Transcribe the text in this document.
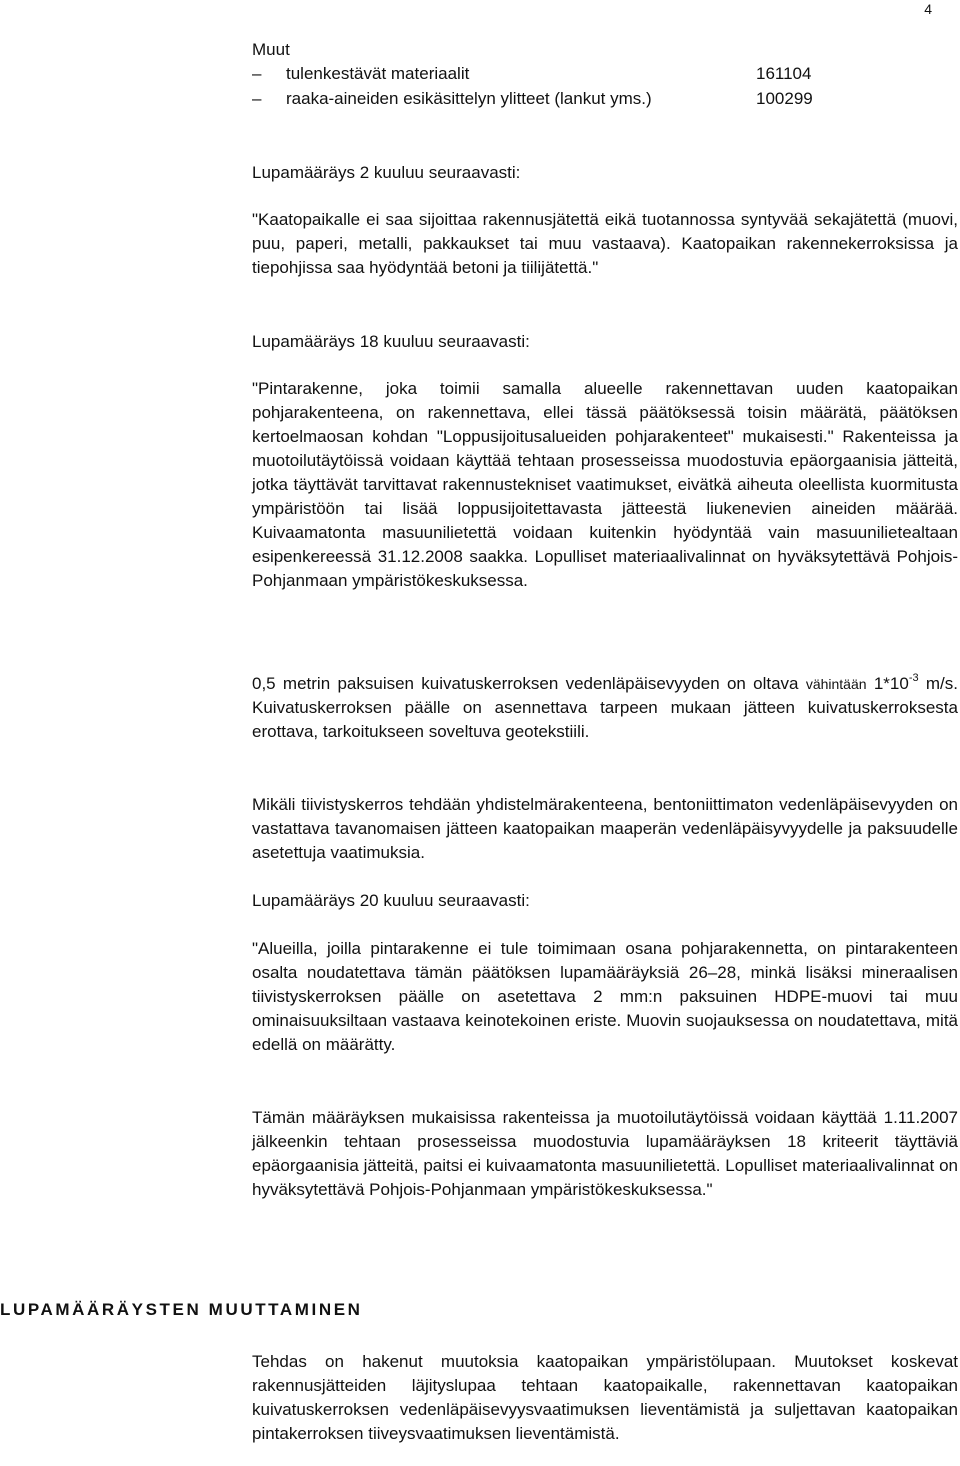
4
Muut
– tulenkestävät materiaalit	161104
– raaka-aineiden esikäsittelyn ylitteet (lankut yms.)	100299

Lupamääräys 2 kuuluu seuraavasti:

"Kaatopaikalle ei saa sijoittaa rakennusjätettä eikä tuotannossa syntyvää sekajätettä (muovi, puu, paperi, metalli, pakkaukset tai muu vastaava). Kaatopaikan rakennekerroksissa ja tiepohjissa saa hyödyntää betoni ja tiilijätettä."

Lupamääräys 18 kuuluu seuraavasti:

"Pintarakenne, joka toimii samalla alueelle rakennettavan uuden kaatopaikan pohjarakenteena, on rakennettava, ellei tässä päätöksessä toisin määrätä, päätöksen kertoelmaosan kohdan "Loppusijoitusalueiden pohjarakenteet" mukaisesti." Rakenteissa ja muotoilutäytöissä voidaan käyttää tehtaan prosesseissa muodostuvia epäorgaanisia jätteitä, jotka täyttävät tarvittavat rakennustekniset vaatimukset, eivätkä aiheuta oleellista kuormitusta ympäristöön tai lisää loppusijoitettavasta jätteestä liukenevien aineiden määrää. Kuivaamatonta masuunilietettä voidaan kuitenkin hyödyntää vain masuunilietealtaan esipenkereessä 31.12.2008 saakka. Lopulliset materiaalivalinnat on hyväksytettävä Pohjois-Pohjanmaan ympäristökeskuksessa.

0,5 metrin paksuisen kuivatuskerroksen vedenläpäisevyyden on oltava vähintään $1*10^{-3}$ m/s. Kuivatuskerroksen päälle on asennettava tarpeen mukaan jätteen kuivatuskerroksesta erottava, tarkoitukseen soveltuva geotekstiili.

Mikäli tiivistyskerros tehdään yhdistelmärakenteena, bentoniittimaton vedenläpäisevyyden on vastattava tavanomaisen jätteen kaatopaikan maaperän vedenläpäisyvyydelle ja paksuudelle asetettuja vaatimuksia.

Lupamääräys 20 kuuluu seuraavasti:

"Alueilla, joilla pintarakenne ei tule toimimaan osana pohjarakennetta, on pintarakenteen osalta noudatettava tämän päätöksen lupamääräyksiä 26–28, minkä lisäksi mineraalisen tiivistyskerroksen päälle on asetettava 2 mm:n paksuinen HDPE-muovi tai muu ominaisuuksiltaan vastaava keinotekoinen eriste. Muovin suojauksessa on noudatettava, mitä edellä on määrätty.

Tämän määräyksen mukaisissa rakenteissa ja muotoilutäytöissä voidaan käyttää 1.11.2007 jälkeenkin tehtaan prosesseissa muodostuvia lupamääräyksen 18 kriteerit täyttäviä epäorgaanisia jätteitä, paitsi ei kuivaamatonta masuunilietettä. Lopulliset materiaalivalinnat on hyväksytettävä Pohjois-Pohjanmaan ympäristökeskuksessa."

LUPAMÄÄRÄYSTEN MUUTTAMINEN

Tehdas on hakenut muutoksia kaatopaikan ympäristölupaan. Muutokset koskevat rakennusjätteiden läjityslupaa tehtaan kaatopaikalle, rakennettavan kaatopaikan kuivatuskerroksen vedenläpäisevyysvaatimuksen lieventämistä ja suljettavan kaatopaikan pintakerroksen tiiveysvaatimuksen lieventämistä.
